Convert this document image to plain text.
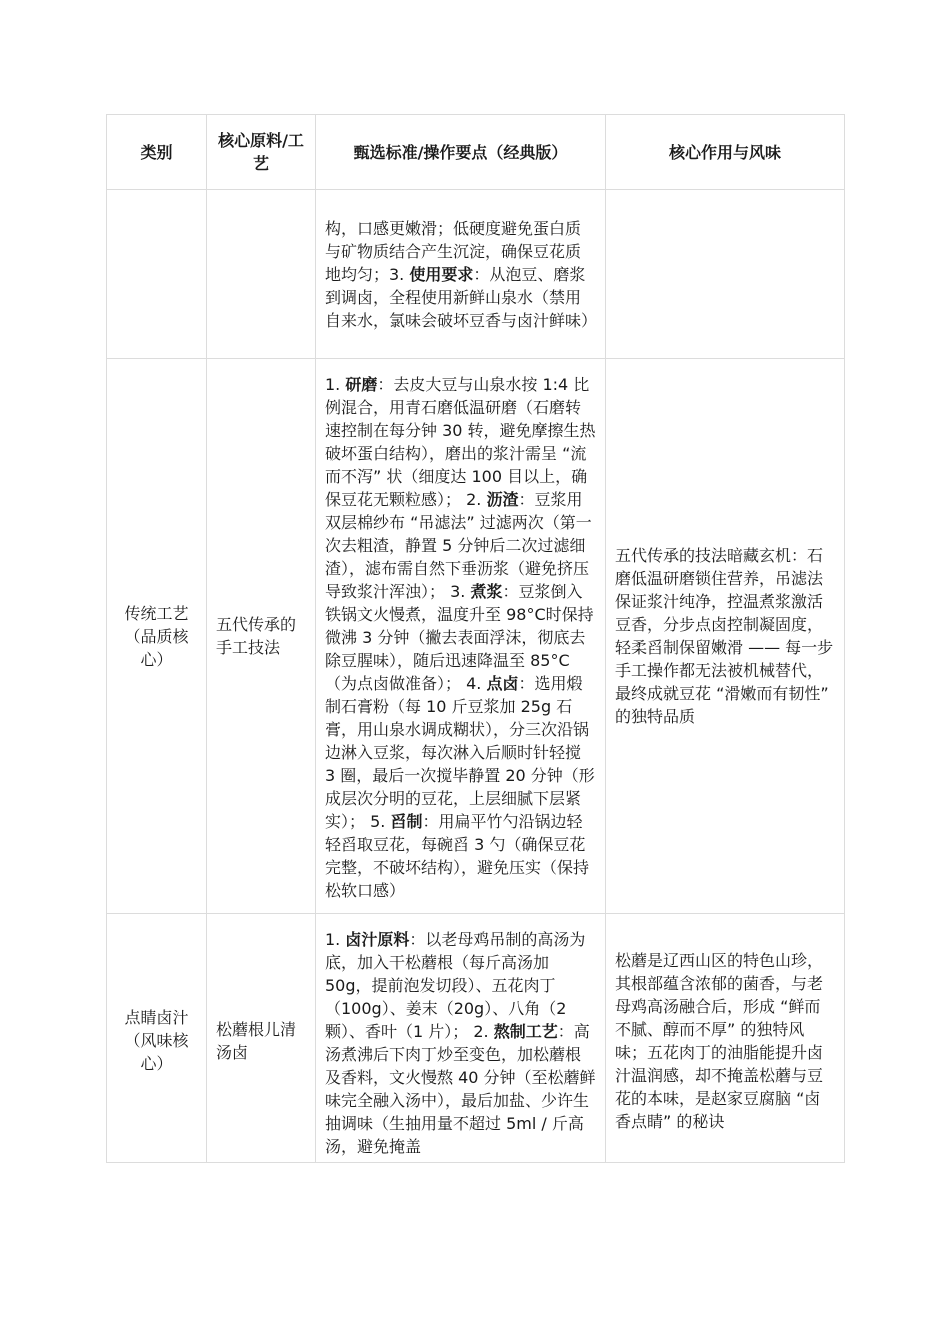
类别	核心原料/工艺	甄选标准/操作要点（经典版）	核心作用与风味
		构，口感更嫩滑；低硬度避免蛋白质与矿物质结合产生沉淀，确保豆花质地均匀；3. 使用要求：从泡豆、磨浆到调卤，全程使用新鲜山泉水（禁用自来水，氯味会破坏豆香与卤汁鲜味）	
传统工艺（品质核心）	五代传承的手工技法	1. 研磨：去皮大豆与山泉水按 1:4 比例混合，用青石磨低温研磨（石磨转速控制在每分钟 30 转，避免摩擦生热破坏蛋白结构），磨出的浆汁需呈 “流而不泻” 状（细度达 100 目以上，确保豆花无颗粒感）； 2. 沥渣：豆浆用双层棉纱布 “吊滤法” 过滤两次（第一次去粗渣，静置 5 分钟后二次过滤细渣），滤布需自然下垂沥浆（避免挤压导致浆汁浑浊）； 3. 煮浆：豆浆倒入铁锅文火慢煮，温度升至 98°C时保持微沸 3 分钟（撇去表面浮沫，彻底去除豆腥味），随后迅速降温至 85°C（为点卤做准备）； 4. 点卤：选用煅制石膏粉（每 10 斤豆浆加 25g 石膏，用山泉水调成糊状），分三次沿锅边淋入豆浆，每次淋入后顺时针轻搅 3 圈，最后一次搅毕静置 20 分钟（形成层次分明的豆花，上层细腻下层紧实）； 5. 舀制：用扁平竹勺沿锅边轻轻舀取豆花，每碗舀 3 勺（确保豆花完整，不破坏结构），避免压实（保持松软口感）	五代传承的技法暗藏玄机：石磨低温研磨锁住营养，吊滤法保证浆汁纯净，控温煮浆激活豆香，分步点卤控制凝固度，轻柔舀制保留嫩滑 —— 每一步手工操作都无法被机械替代，最终成就豆花 “滑嫩而有韧性” 的独特品质
点睛卤汁（风味核心）	松蘑根儿清汤卤	1. 卤汁原料：以老母鸡吊制的高汤为底，加入干松蘑根（每斤高汤加 50g，提前泡发切段）、五花肉丁（100g）、姜末（20g）、八角（2 颗）、香叶（1 片）； 2. 熬制工艺：高汤煮沸后下肉丁炒至变色，加松蘑根及香料，文火慢熬 40 分钟（至松蘑鲜味完全融入汤中），最后加盐、少许生抽调味（生抽用量不超过 5ml / 斤高汤，避免掩盖	松蘑是辽西山区的特色山珍，其根部蕴含浓郁的菌香，与老母鸡高汤融合后，形成 “鲜而不腻、醇而不厚” 的独特风味；五花肉丁的油脂能提升卤汁温润感，却不掩盖松蘑与豆花的本味，是赵家豆腐脑 “卤香点睛” 的秘诀
